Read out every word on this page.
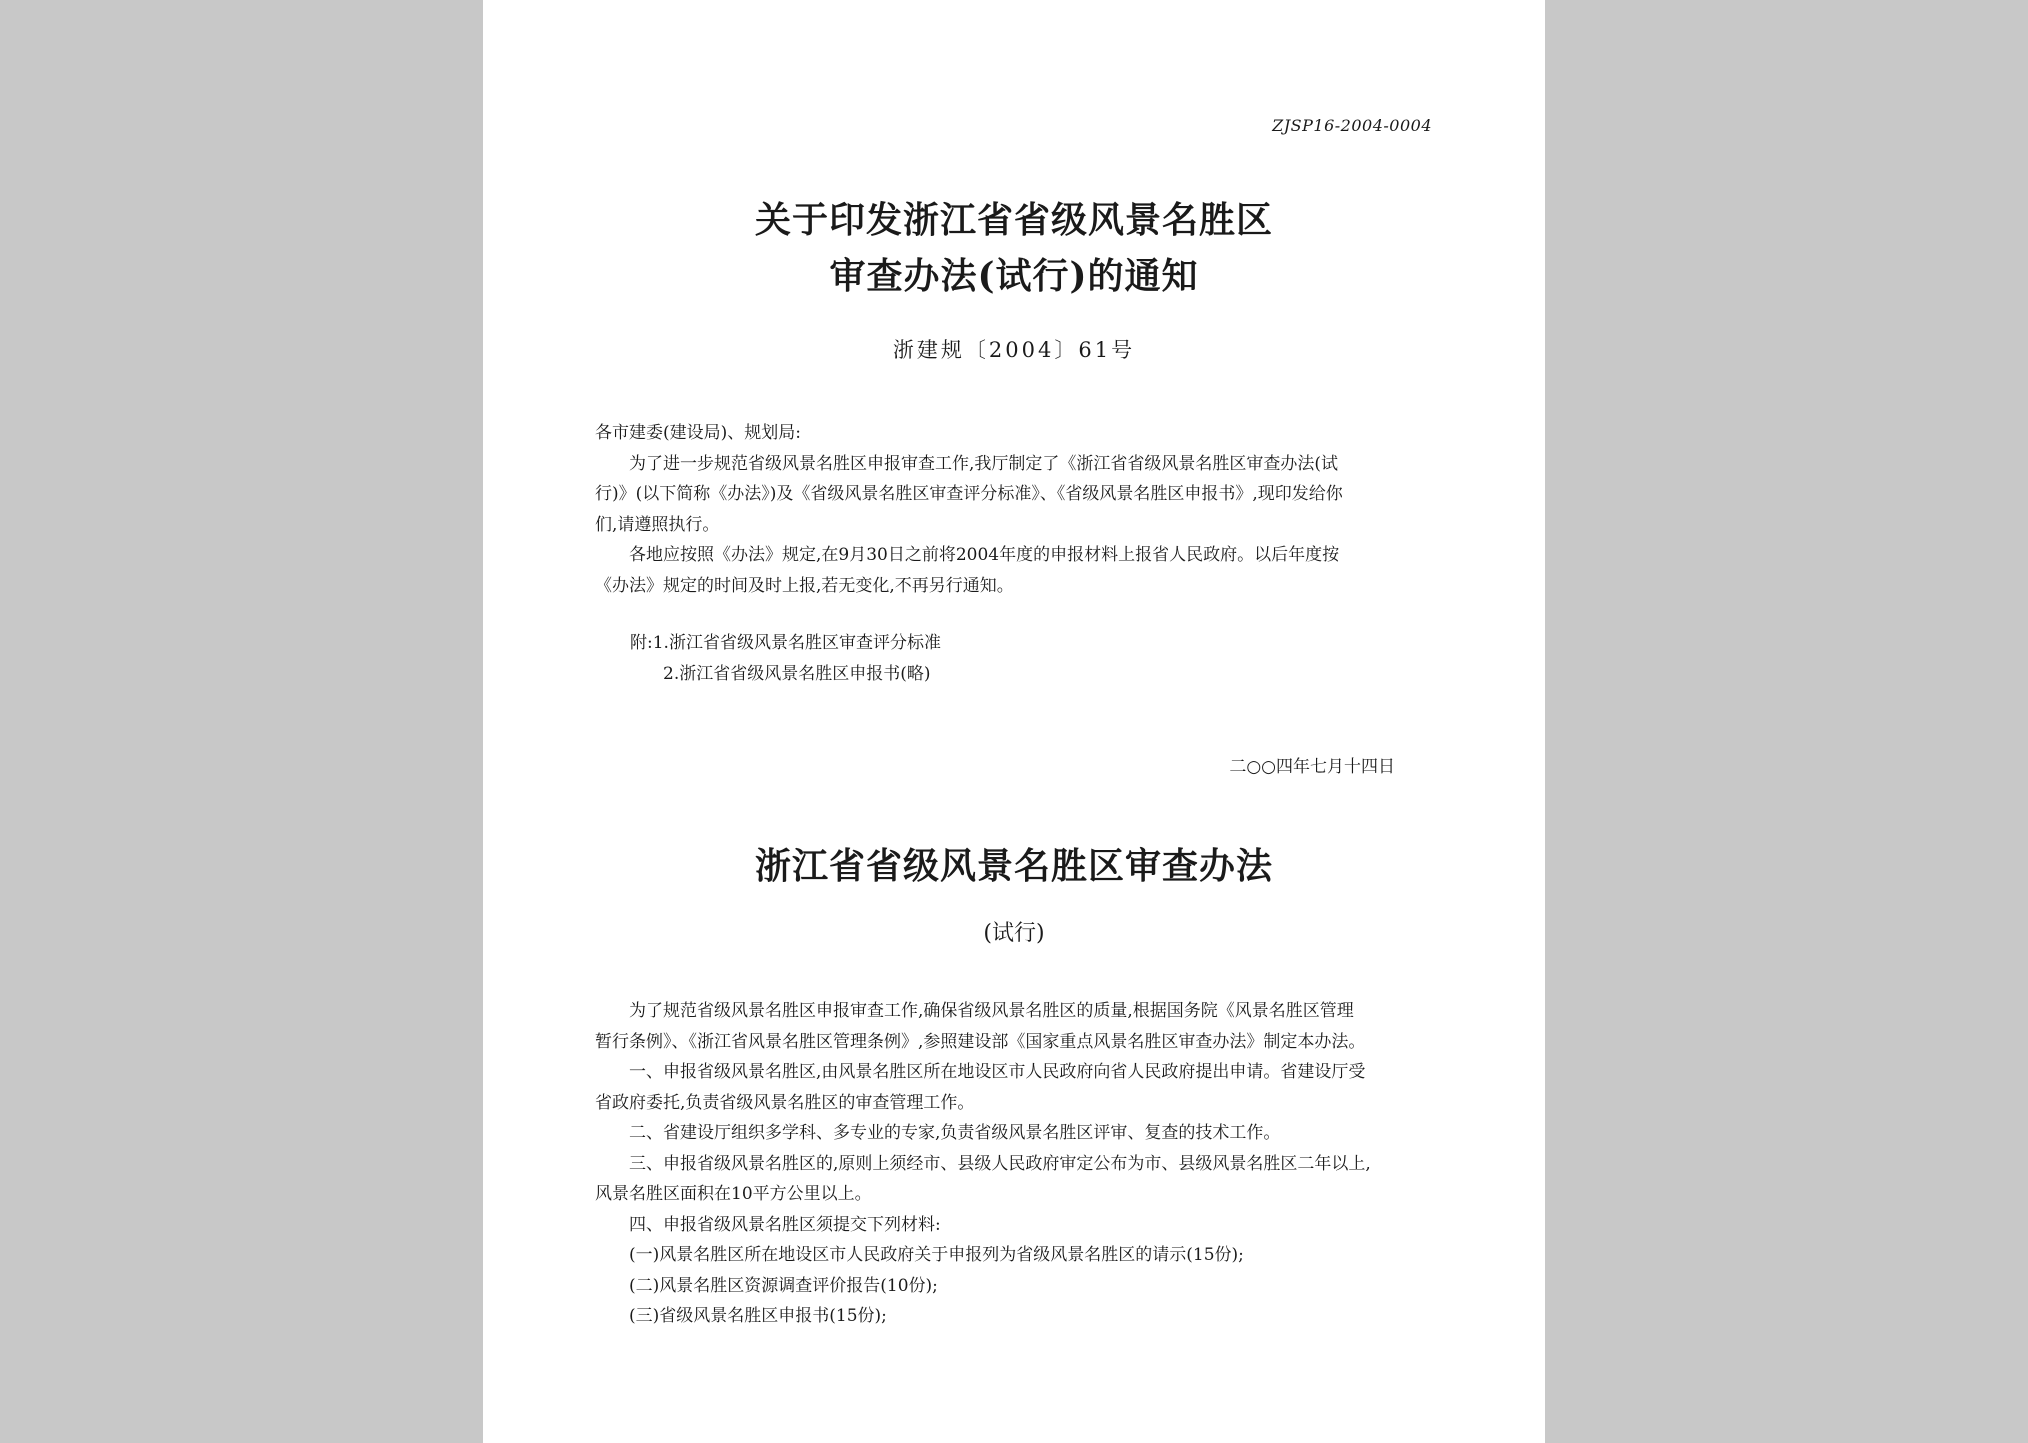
ZJSP16-2004-0004
关于印发浙江省省级风景名胜区
审查办法(试行)的通知
浙建规〔2004〕61号
各市建委(建设局)、规划局:
为了进一步规范省级风景名胜区申报审查工作,我厅制定了《浙江省省级风景名胜区审查办法(试
行)》(以下简称《办法》)及《省级风景名胜区审查评分标准》、《省级风景名胜区申报书》,现印发给你
们,请遵照执行。
各地应按照《办法》规定,在9月30日之前将2004年度的申报材料上报省人民政府。以后年度按
《办法》规定的时间及时上报,若无变化,不再另行通知。
附:1.浙江省省级风景名胜区审查评分标准
2.浙江省省级风景名胜区申报书(略)
二○○四年七月十四日
浙江省省级风景名胜区审查办法
(试行)
为了规范省级风景名胜区申报审查工作,确保省级风景名胜区的质量,根据国务院《风景名胜区管理
暂行条例》、《浙江省风景名胜区管理条例》,参照建设部《国家重点风景名胜区审查办法》制定本办法。
一、申报省级风景名胜区,由风景名胜区所在地设区市人民政府向省人民政府提出申请。省建设厅受
省政府委托,负责省级风景名胜区的审查管理工作。
二、省建设厅组织多学科、多专业的专家,负责省级风景名胜区评审、复查的技术工作。
三、申报省级风景名胜区的,原则上须经市、县级人民政府审定公布为市、县级风景名胜区二年以上,
风景名胜区面积在10平方公里以上。
四、申报省级风景名胜区须提交下列材料:
(一)风景名胜区所在地设区市人民政府关于申报列为省级风景名胜区的请示(15份);
(二)风景名胜区资源调查评价报告(10份);
(三)省级风景名胜区申报书(15份);
